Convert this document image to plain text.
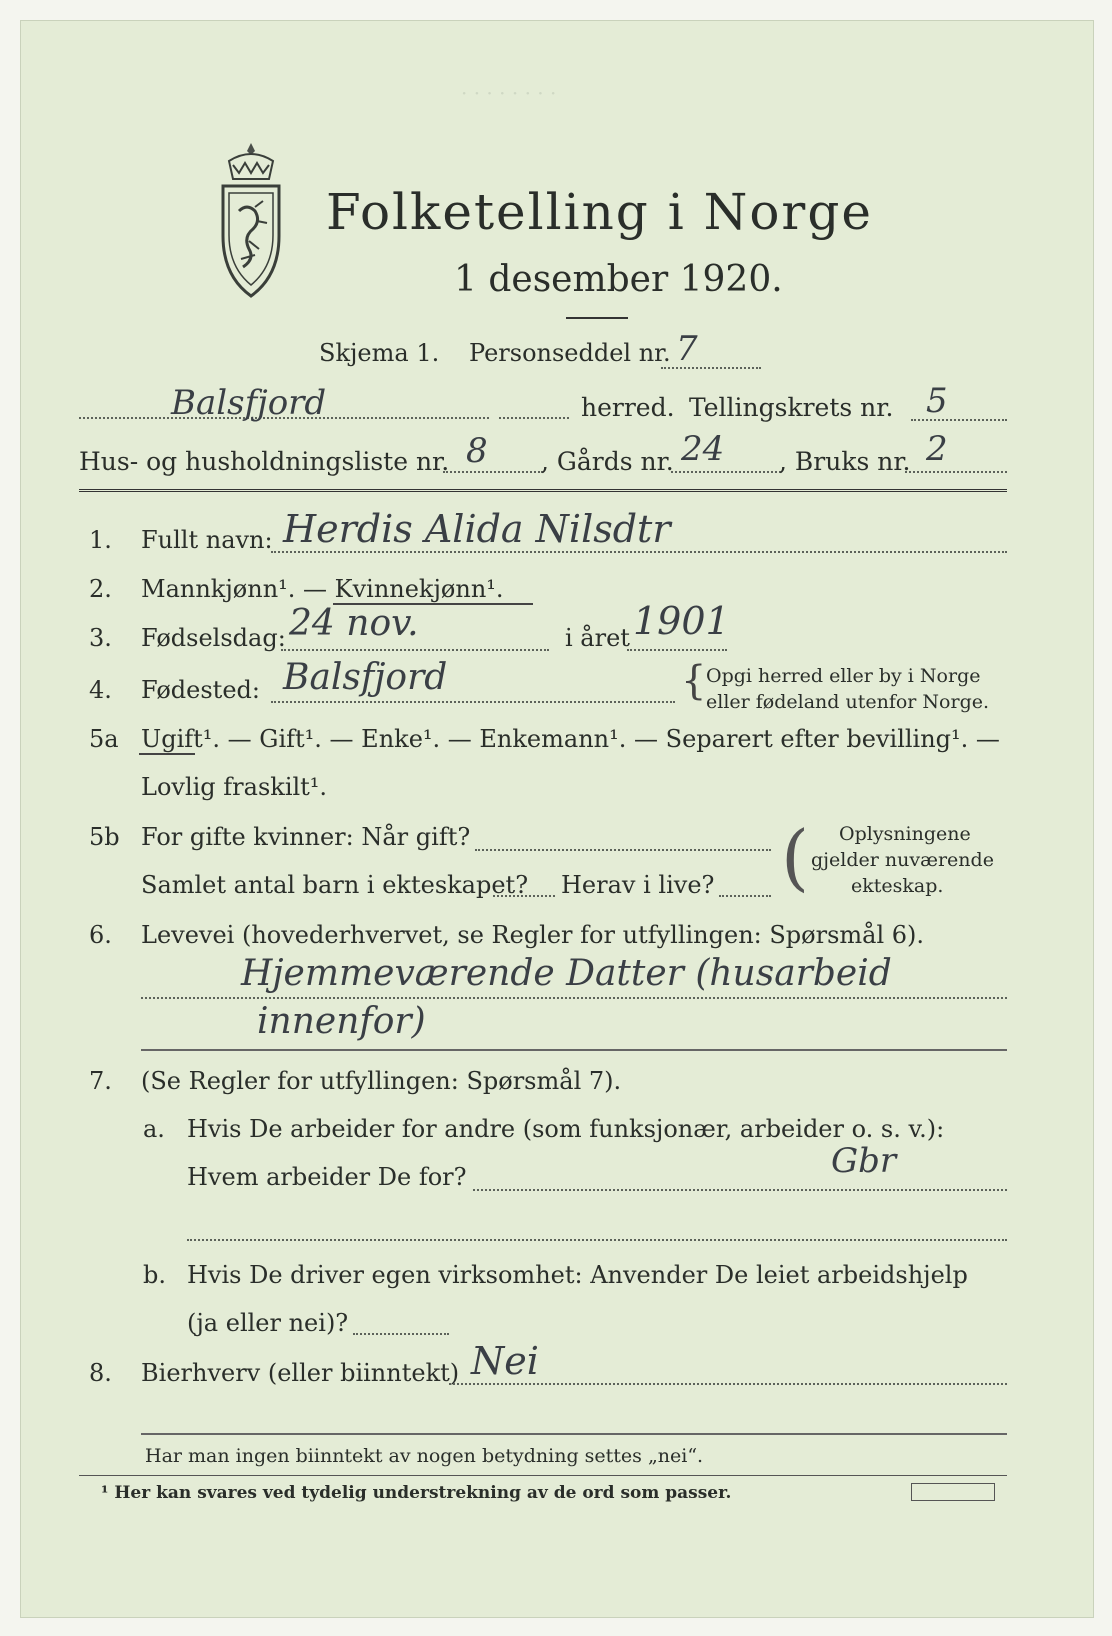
· · · · · · · ·
Folketelling i Norge
1 desember 1920.
Skjema 1. Personseddel nr. 7
Balsfjord	herred. Tellingskrets nr. 5
Hus- og husholdningsliste nr. 8 , Gårds nr. 24 , Bruks nr. 2
1. Fullt navn: Herdis Alida Nilsdtr
2. Mannkjønn¹. — Kvinnekjønn¹.
3. Fødselsdag: 24 nov.	i året 1901
4. Fødested: Balsfjord	{ Opgi herred eller by i Norge
eller fødeland utenfor Norge.
5a Ugift¹. — Gift¹. — Enke¹. — Enkemann¹. — Separert efter bevilling¹. —
Lovlig fraskilt¹.
5b For gifte kvinner: Når gift?
Samlet antal barn i ekteskapet? Herav i live? ( Oplysningene
gjelder nuværende
ekteskap.
6. Levevei (hovederhvervet, se Regler for utfyllingen: Spørsmål 6).
Hjemmeværende Datter (husarbeid
innenfor)
7. (Se Regler for utfyllingen: Spørsmål 7).
a. Hvis De arbeider for andre (som funksjonær, arbeider o. s. v.):
Hvem arbeider De for?	Gbr
b. Hvis De driver egen virksomhet: Anvender De leiet arbeidshjelp
(ja eller nei)?
8. Bierhverv (eller biinntekt) Nei
Har man ingen biinntekt av nogen betydning settes „nei“.
¹ Her kan svares ved tydelig understrekning av de ord som passer.
